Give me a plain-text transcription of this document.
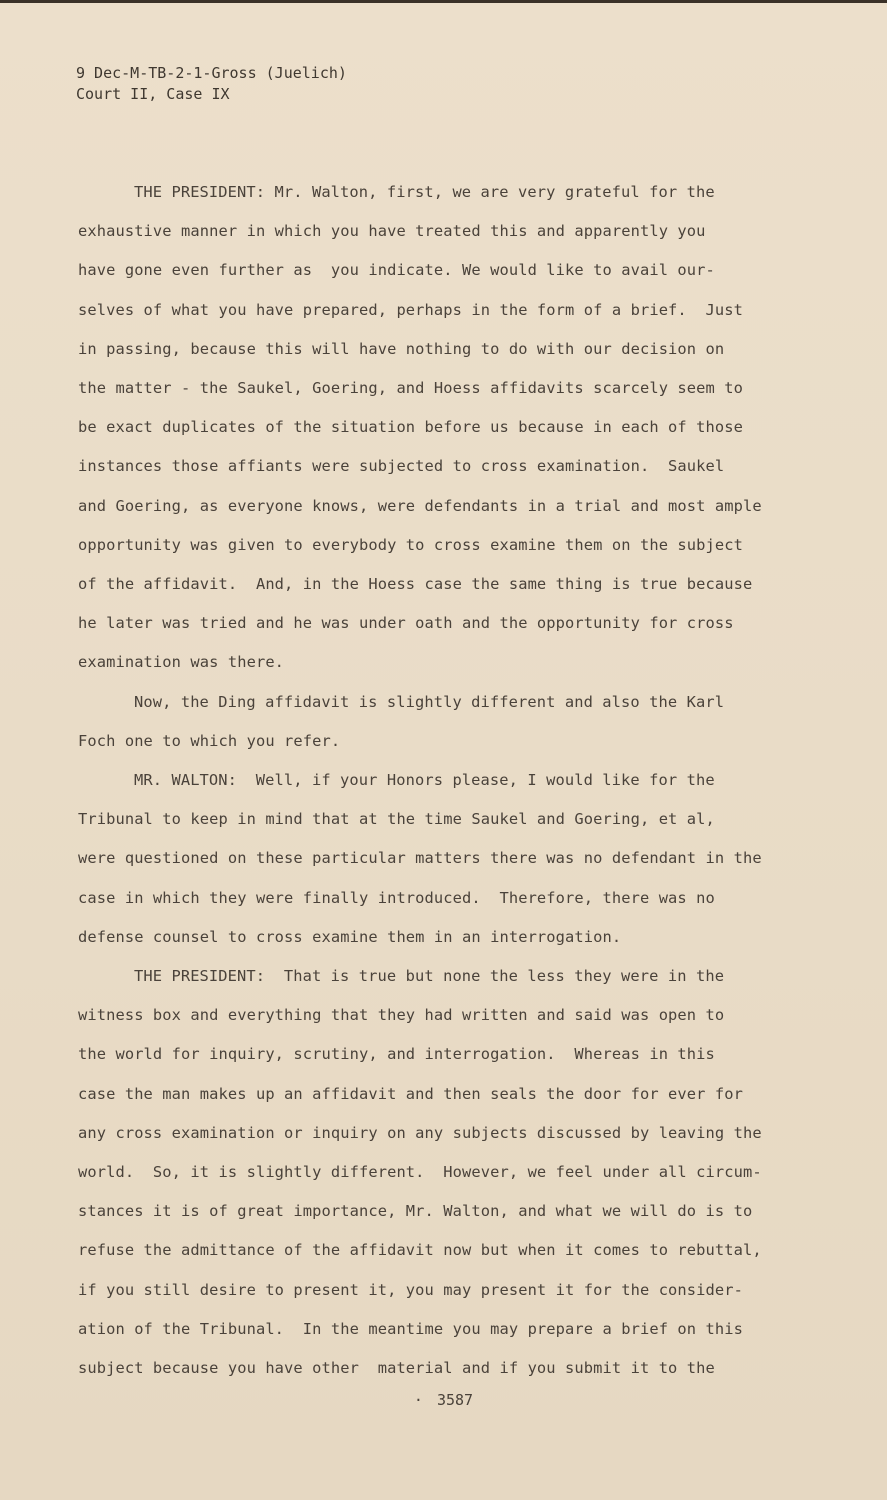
9 Dec-M-TB-2-1-Gross (Juelich)
Court II, Case IX
THE PRESIDENT: Mr. Walton, first, we are very grateful for the
exhaustive manner in which you have treated this and apparently you
have gone even further as  you indicate. We would like to avail our-
selves of what you have prepared, perhaps in the form of a brief.  Just
in passing, because this will have nothing to do with our decision on
the matter - the Saukel, Goering, and Hoess affidavits scarcely seem to
be exact duplicates of the situation before us because in each of those
instances those affiants were subjected to cross examination.  Saukel
and Goering, as everyone knows, were defendants in a trial and most ample
opportunity was given to everybody to cross examine them on the subject
of the affidavit.  And, in the Hoess case the same thing is true because
he later was tried and he was under oath and the opportunity for cross
examination was there.
Now, the Ding affidavit is slightly different and also the Karl
Foch one to which you refer.
MR. WALTON:  Well, if your Honors please, I would like for the
Tribunal to keep in mind that at the time Saukel and Goering, et al,
were questioned on these particular matters there was no defendant in the
case in which they were finally introduced.  Therefore, there was no
defense counsel to cross examine them in an interrogation.
THE PRESIDENT:  That is true but none the less they were in the
witness box and everything that they had written and said was open to
the world for inquiry, scrutiny, and interrogation.  Whereas in this
case the man makes up an affidavit and then seals the door for ever for
any cross examination or inquiry on any subjects discussed by leaving the
world.  So, it is slightly different.  However, we feel under all circum-
stances it is of great importance, Mr. Walton, and what we will do is to
refuse the admittance of the affidavit now but when it comes to rebuttal,
if you still desire to present it, you may present it for the consider-
ation of the Tribunal.  In the meantime you may prepare a brief on this
subject because you have other  material and if you submit it to the
· 3587
